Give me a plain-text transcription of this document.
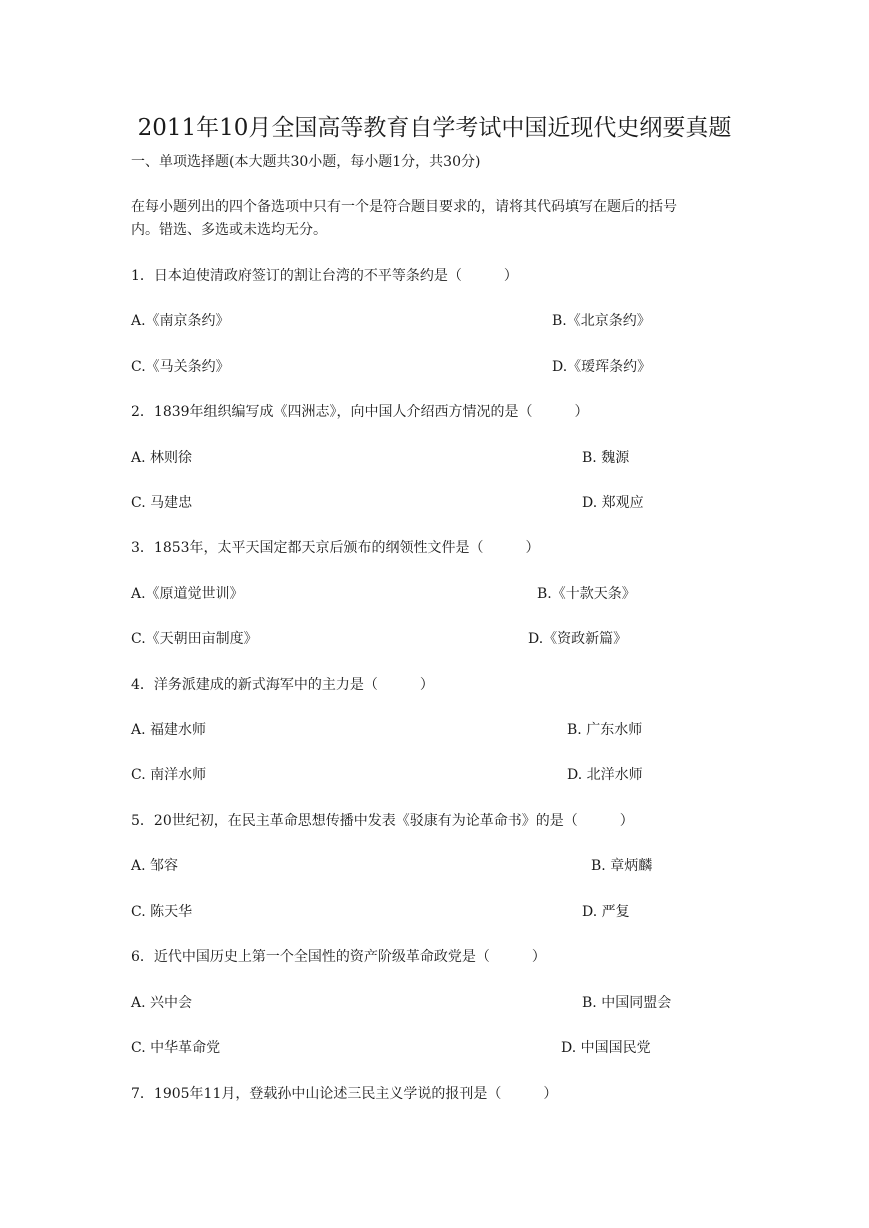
2011年10月全国高等教育自学考试中国近现代史纲要真题
一、单项选择题(本大题共30小题，每小题1分，共30分)
在每小题列出的四个备选项中只有一个是符合题目要求的，请将其代码填写在题后的括号
内。错选、多选或未选均无分。
1．日本迫使清政府签订的割让台湾的不平等条约是（　　　）
A.《南京条约》	B.《北京条约》
C.《马关条约》	D.《瑷珲条约》
2．1839年组织编写成《四洲志》，向中国人介绍西方情况的是（　　　）
A. 林则徐	B. 魏源
C. 马建忠	D. 郑观应
3．1853年，太平天国定都天京后颁布的纲领性文件是（　　　）
A.《原道觉世训》	B.《十款天条》
C.《天朝田亩制度》	D.《资政新篇》
4．洋务派建成的新式海军中的主力是（　　　）
A. 福建水师	B. 广东水师
C. 南洋水师	D. 北洋水师
5．20世纪初，在民主革命思想传播中发表《驳康有为论革命书》的是（　　　）
A. 邹容	B. 章炳麟
C. 陈天华	D. 严复
6．近代中国历史上第一个全国性的资产阶级革命政党是（　　　）
A. 兴中会	B. 中国同盟会
C. 中华革命党	D. 中国国民党
7．1905年11月，登载孙中山论述三民主义学说的报刊是（　　　）
